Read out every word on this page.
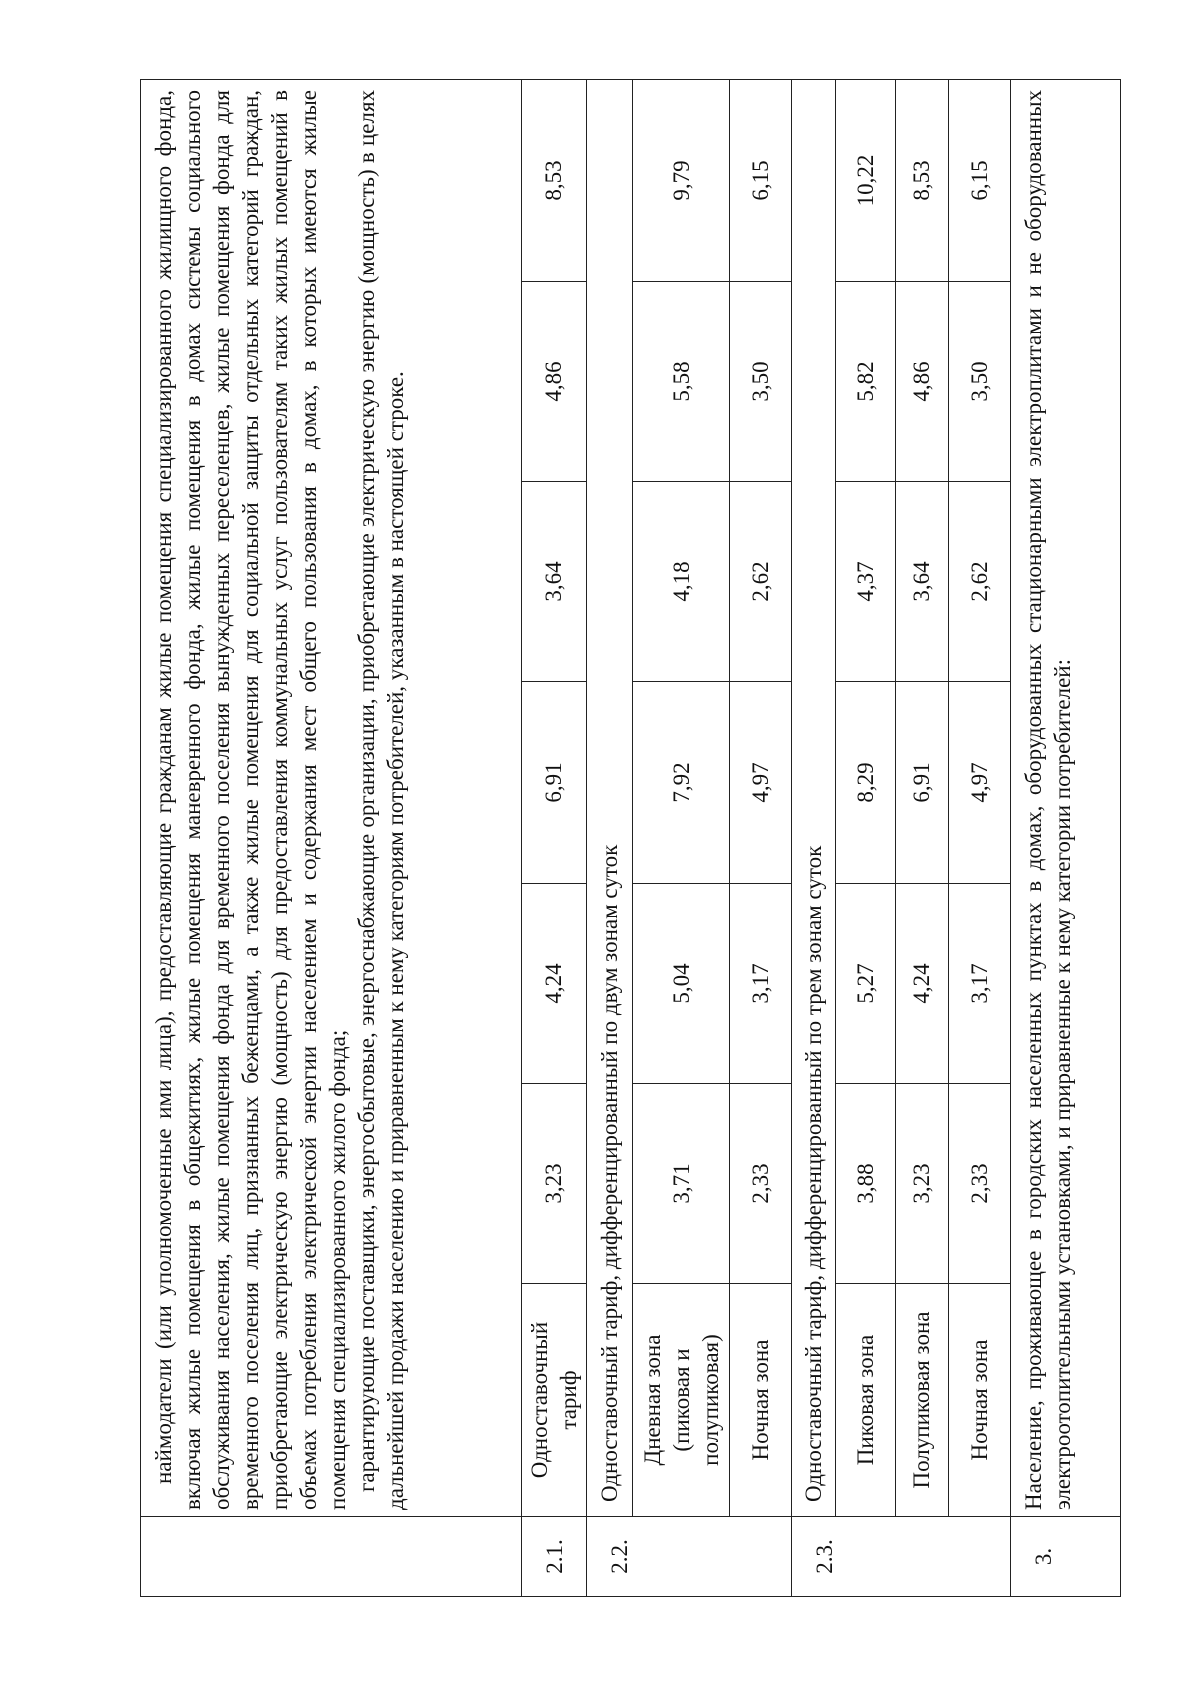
	наймодатели (или уполномоченные ими лица), предоставляющие гражданам жилые помещения специализированного жилищного фонда, включая жилые помещения в общежитиях, жилые помещения маневренного фонда, жилые помещения в домах системы социального обслуживания населения, жилые помещения фонда для временного поселения вынужденных переселенцев, жилые помещения фонда для временного поселения лиц, признанных беженцами, а также жилые помещения для социальной защиты отдельных категорий граждан, приобретающие электрическую энергию (мощность) для предоставления коммунальных услуг пользователям таких жилых помещений в объемах потребления электрической энергии населением и содержания мест общего пользования в домах, в которых имеются жилые помещения специализированного жилого фонда; гарантирующие поставщики, энергосбытовые, энергоснабжающие организации, приобретающие электрическую энергию (мощность) в целях дальнейшей продажи населению и приравненным к нему категориям потребителей, указанным в настоящей строке.						

2.1.	Одноставочный тариф	3,23	4,24	6,91	3,64	4,86	8,53
2.2.	Одноставочный тариф, дифференцированный по двум зонам суток						
	Дневная зона (пиковая и полупиковая)	3,71	5,04	7,92	4,18	5,58	9,79
	Ночная зона	2,33	3,17	4,97	2,62	3,50	6,15
2.3.	Одноставочный тариф, дифференцированный по трем зонам суток						
	Пиковая зона	3,88	5,27	8,29	4,37	5,82	10,22
	Полупиковая зона	3,23	4,24	6,91	3,64	4,86	8,53
	Ночная зона	2,33	3,17	4,97	2,62	3,50	6,15
3.	Население, проживающее в городских населенных пунктах в домах, оборудованных стационарными электроплитами и не оборудованных электроотопительными установками, и приравненные к нему категории потребителей:						
